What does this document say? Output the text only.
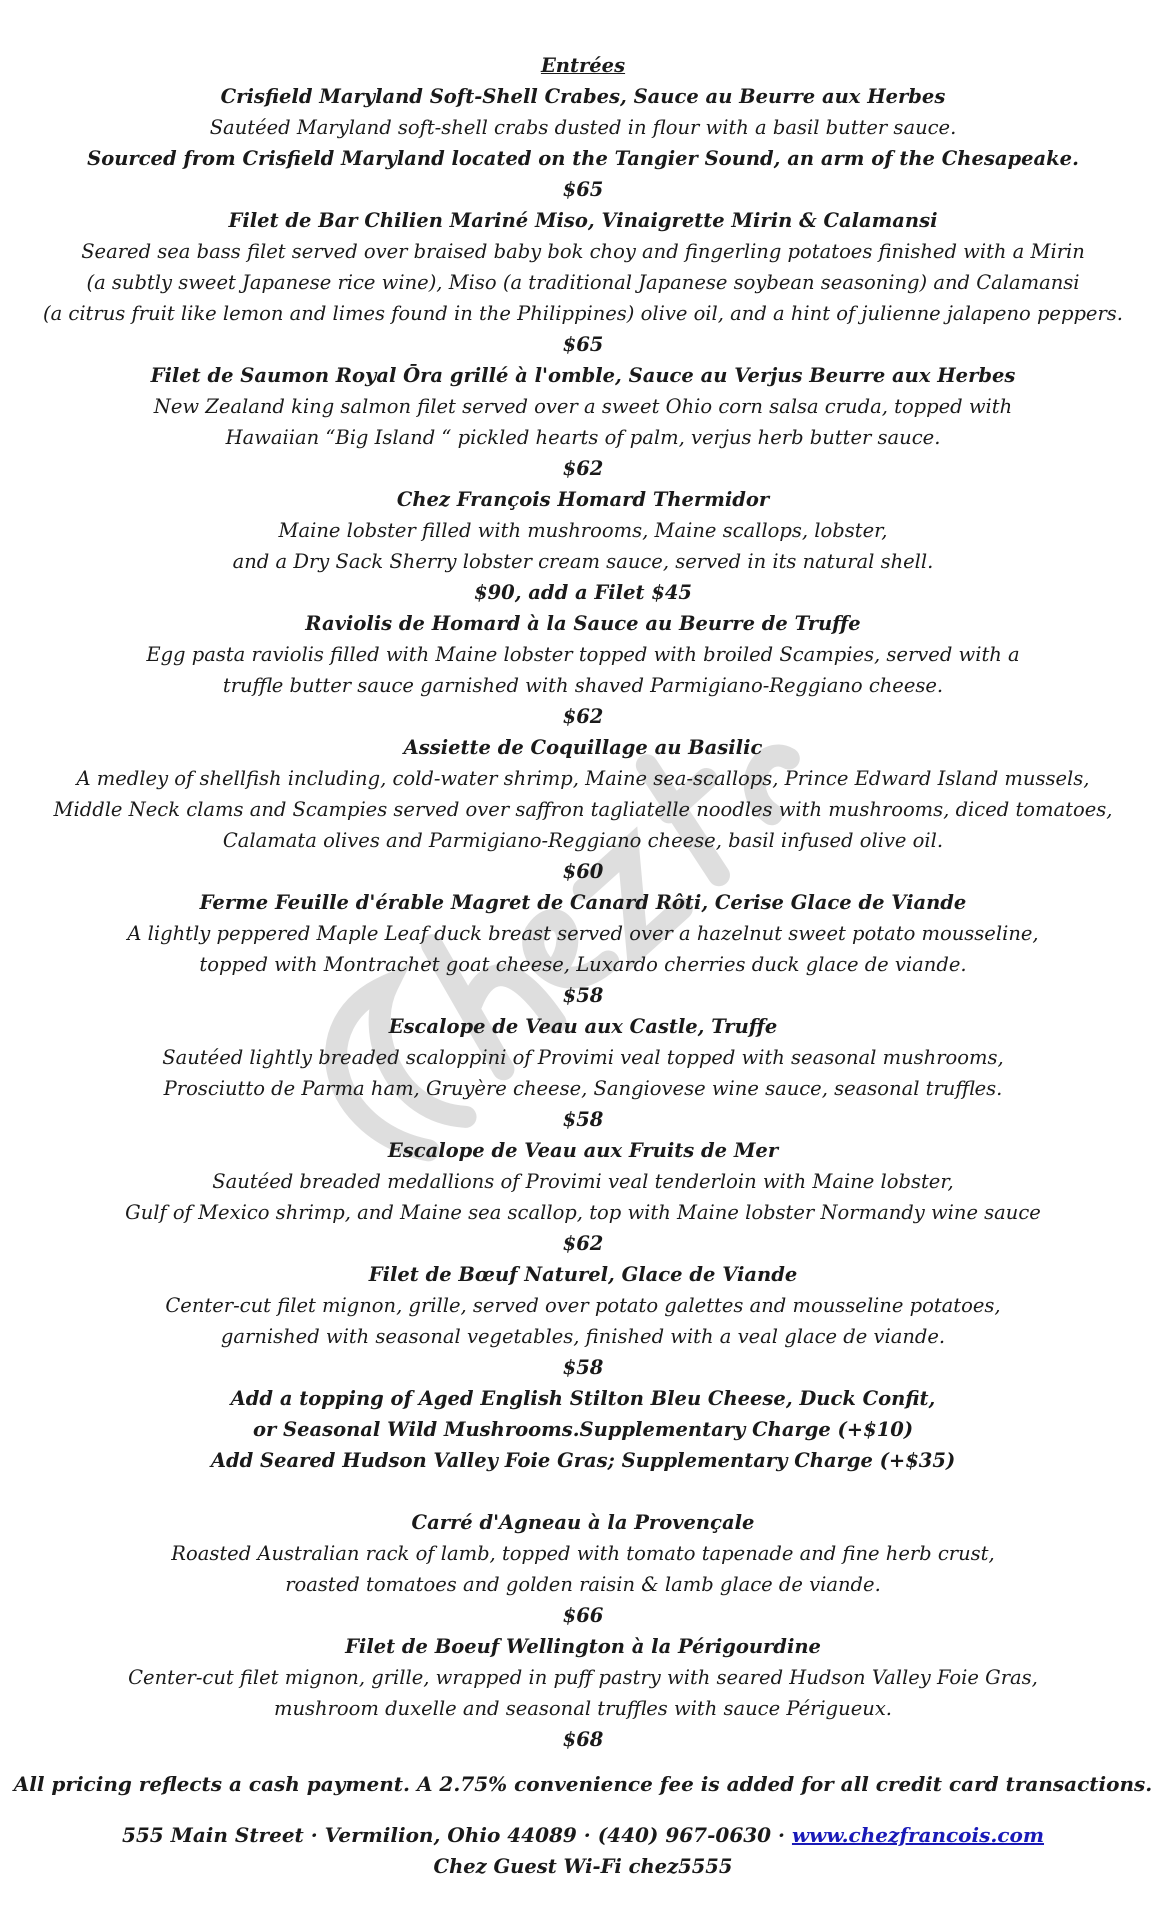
Entrées
Crisfield Maryland Soft-Shell Crabes, Sauce au Beurre aux Herbes
Sautéed Maryland soft-shell crabs dusted in flour with a basil butter sauce.
Sourced from Crisfield Maryland located on the Tangier Sound, an arm of the Chesapeake.
$65
Filet de Bar Chilien Mariné Miso, Vinaigrette Mirin & Calamansi
Seared sea bass filet served over braised baby bok choy and fingerling potatoes finished with a Mirin
(a subtly sweet Japanese rice wine), Miso (a traditional Japanese soybean seasoning) and Calamansi
(a citrus fruit like lemon and limes found in the Philippines) olive oil, and a hint of julienne jalapeno peppers.
$65
Filet de Saumon Royal Ōra grillé à l'omble, Sauce au Verjus Beurre aux Herbes
New Zealand king salmon filet served over a sweet Ohio corn salsa cruda, topped with
Hawaiian “Big Island “ pickled hearts of palm, verjus herb butter sauce.
$62
Chez François Homard Thermidor
Maine lobster filled with mushrooms, Maine scallops, lobster,
and a Dry Sack Sherry lobster cream sauce, served in its natural shell.
$90, add a Filet $45
Raviolis de Homard à la Sauce au Beurre de Truffe
Egg pasta raviolis filled with Maine lobster topped with broiled Scampies, served with a
truffle butter sauce garnished with shaved Parmigiano-Reggiano cheese.
$62
Assiette de Coquillage au Basilic
A medley of shellfish including, cold-water shrimp, Maine sea-scallops, Prince Edward Island mussels,
Middle Neck clams and Scampies served over saffron tagliatelle noodles with mushrooms, diced tomatoes,
Calamata olives and Parmigiano-Reggiano cheese, basil infused olive oil.
$60
Ferme Feuille d'érable Magret de Canard Rôti, Cerise Glace de Viande
A lightly peppered Maple Leaf duck breast served over a hazelnut sweet potato mousseline,
topped with Montrachet goat cheese, Luxardo cherries duck glace de viande.
$58
Escalope de Veau aux Castle, Truffe
Sautéed lightly breaded scaloppini of Provimi veal topped with seasonal mushrooms,
Prosciutto de Parma ham, Gruyère cheese, Sangiovese wine sauce, seasonal truffles.
$58
Escalope de Veau aux Fruits de Mer
Sautéed breaded medallions of Provimi veal tenderloin with Maine lobster,
Gulf of Mexico shrimp, and Maine sea scallop, top with Maine lobster Normandy wine sauce
$62
Filet de Bœuf Naturel, Glace de Viande
Center-cut filet mignon, grille, served over potato galettes and mousseline potatoes,
garnished with seasonal vegetables, finished with a veal glace de viande.
$58
Add a topping of Aged English Stilton Bleu Cheese, Duck Confit,
or Seasonal Wild Mushrooms.Supplementary Charge (+$10)
Add Seared Hudson Valley Foie Gras; Supplementary Charge (+$35)
Carré d'Agneau à la Provençale
Roasted Australian rack of lamb, topped with tomato tapenade and fine herb crust,
roasted tomatoes and golden raisin & lamb glace de viande.
$66
Filet de Boeuf Wellington à la Périgourdine
Center-cut filet mignon, grille, wrapped in puff pastry with seared Hudson Valley Foie Gras,
mushroom duxelle and seasonal truffles with sauce Périgueux.
$68
All pricing reflects a cash payment. A 2.75% convenience fee is added for all credit card transactions.
555 Main Street · Vermilion, Ohio 44089 · (440) 967-0630 · www.chezfrancois.com
Chez Guest Wi-Fi chez5555
